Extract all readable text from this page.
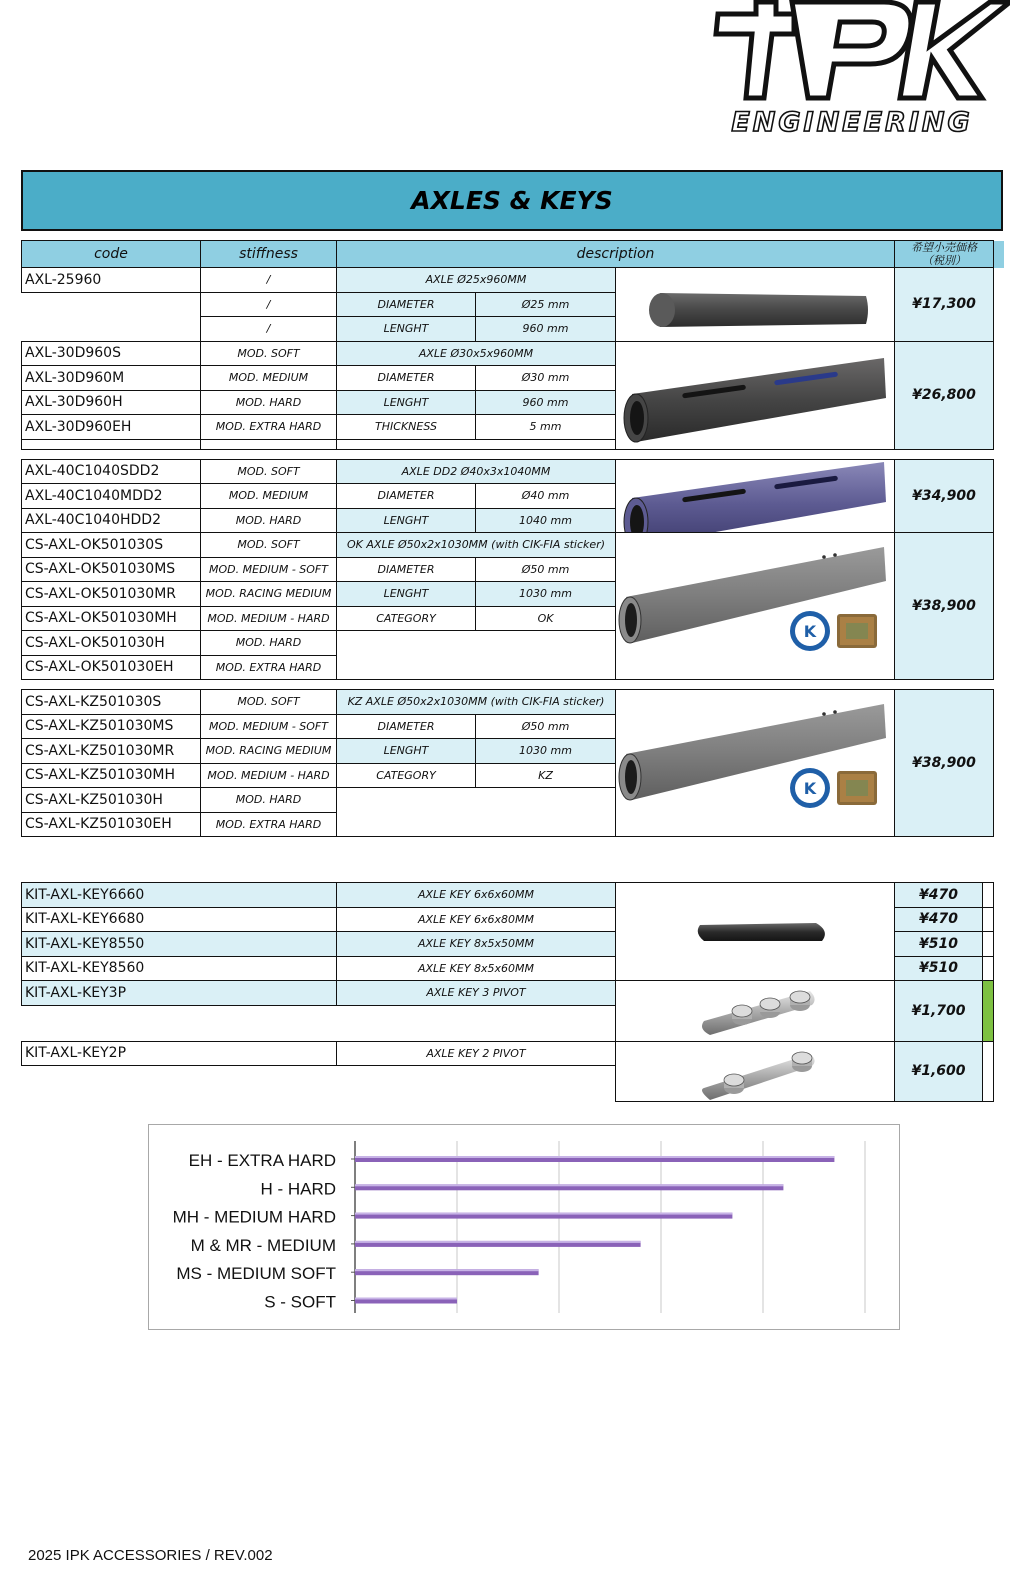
ENGINEERING
AXLES & KEYS
code	stiffness	description			希望小売価格
（税別）	

AXL-25960	/	AXLE Ø25x960MM			¥17,300	
	/	DIAMETER	Ø25 mm			
	/	LENGHT	960 mm			
AXL-30D960S	MOD. SOFT	AXLE Ø30x5x960MM			¥26,800	
AXL-30D960M	MOD. MEDIUM	DIAMETER	Ø30 mm			
AXL-30D960H	MOD. HARD	LENGHT	960 mm			
AXL-30D960EH	MOD. EXTRA HARD	THICKNESS	5 mm			

AXL-40C1040SDD2	MOD. SOFT	AXLE DD2 Ø40x3x1040MM			¥34,900	
AXL-40C1040MDD2	MOD. MEDIUM	DIAMETER	Ø40 mm			
AXL-40C1040HDD2	MOD. HARD	LENGHT	1040 mm			
CS-AXL-OK501030S	MOD. SOFT	OK AXLE Ø50x2x1030MM (with CIK-FIA sticker)		K	¥38,900	
CS-AXL-OK501030MS	MOD. MEDIUM - SOFT	DIAMETER	Ø50 mm			
CS-AXL-OK501030MR	MOD. RACING MEDIUM	LENGHT	1030 mm			
CS-AXL-OK501030MH	MOD. MEDIUM - HARD	CATEGORY	OK			
CS-AXL-OK501030H	MOD. HARD					
CS-AXL-OK501030EH	MOD. EXTRA HARD					

CS-AXL-KZ501030S	MOD. SOFT	KZ AXLE Ø50x2x1030MM (with CIK-FIA sticker)		K	¥38,900	
CS-AXL-KZ501030MS	MOD. MEDIUM - SOFT	DIAMETER	Ø50 mm			
CS-AXL-KZ501030MR	MOD. RACING MEDIUM	LENGHT	1030 mm			
CS-AXL-KZ501030MH	MOD. MEDIUM - HARD	CATEGORY	KZ			
CS-AXL-KZ501030H	MOD. HARD					
CS-AXL-KZ501030EH	MOD. EXTRA HARD					
KIT-AXL-KEY6660	AXLE KEY 6x6x60MM		¥470		
KIT-AXL-KEY6680	AXLE KEY 6x6x80MM		¥470		
KIT-AXL-KEY8550	AXLE KEY 8x5x50MM		¥510		
KIT-AXL-KEY8560	AXLE KEY 8x5x60MM		¥510		
KIT-AXL-KEY3P	AXLE KEY 3 PIVOT		¥1,700		

KIT-AXL-KEY2P	AXLE KEY 2 PIVOT		¥1,600		

EH - EXTRA HARD
H - HARD
MH - MEDIUM HARD
M & MR - MEDIUM
MS - MEDIUM SOFT
S - SOFT
2025 IPK ACCESSORIES / REV.002
